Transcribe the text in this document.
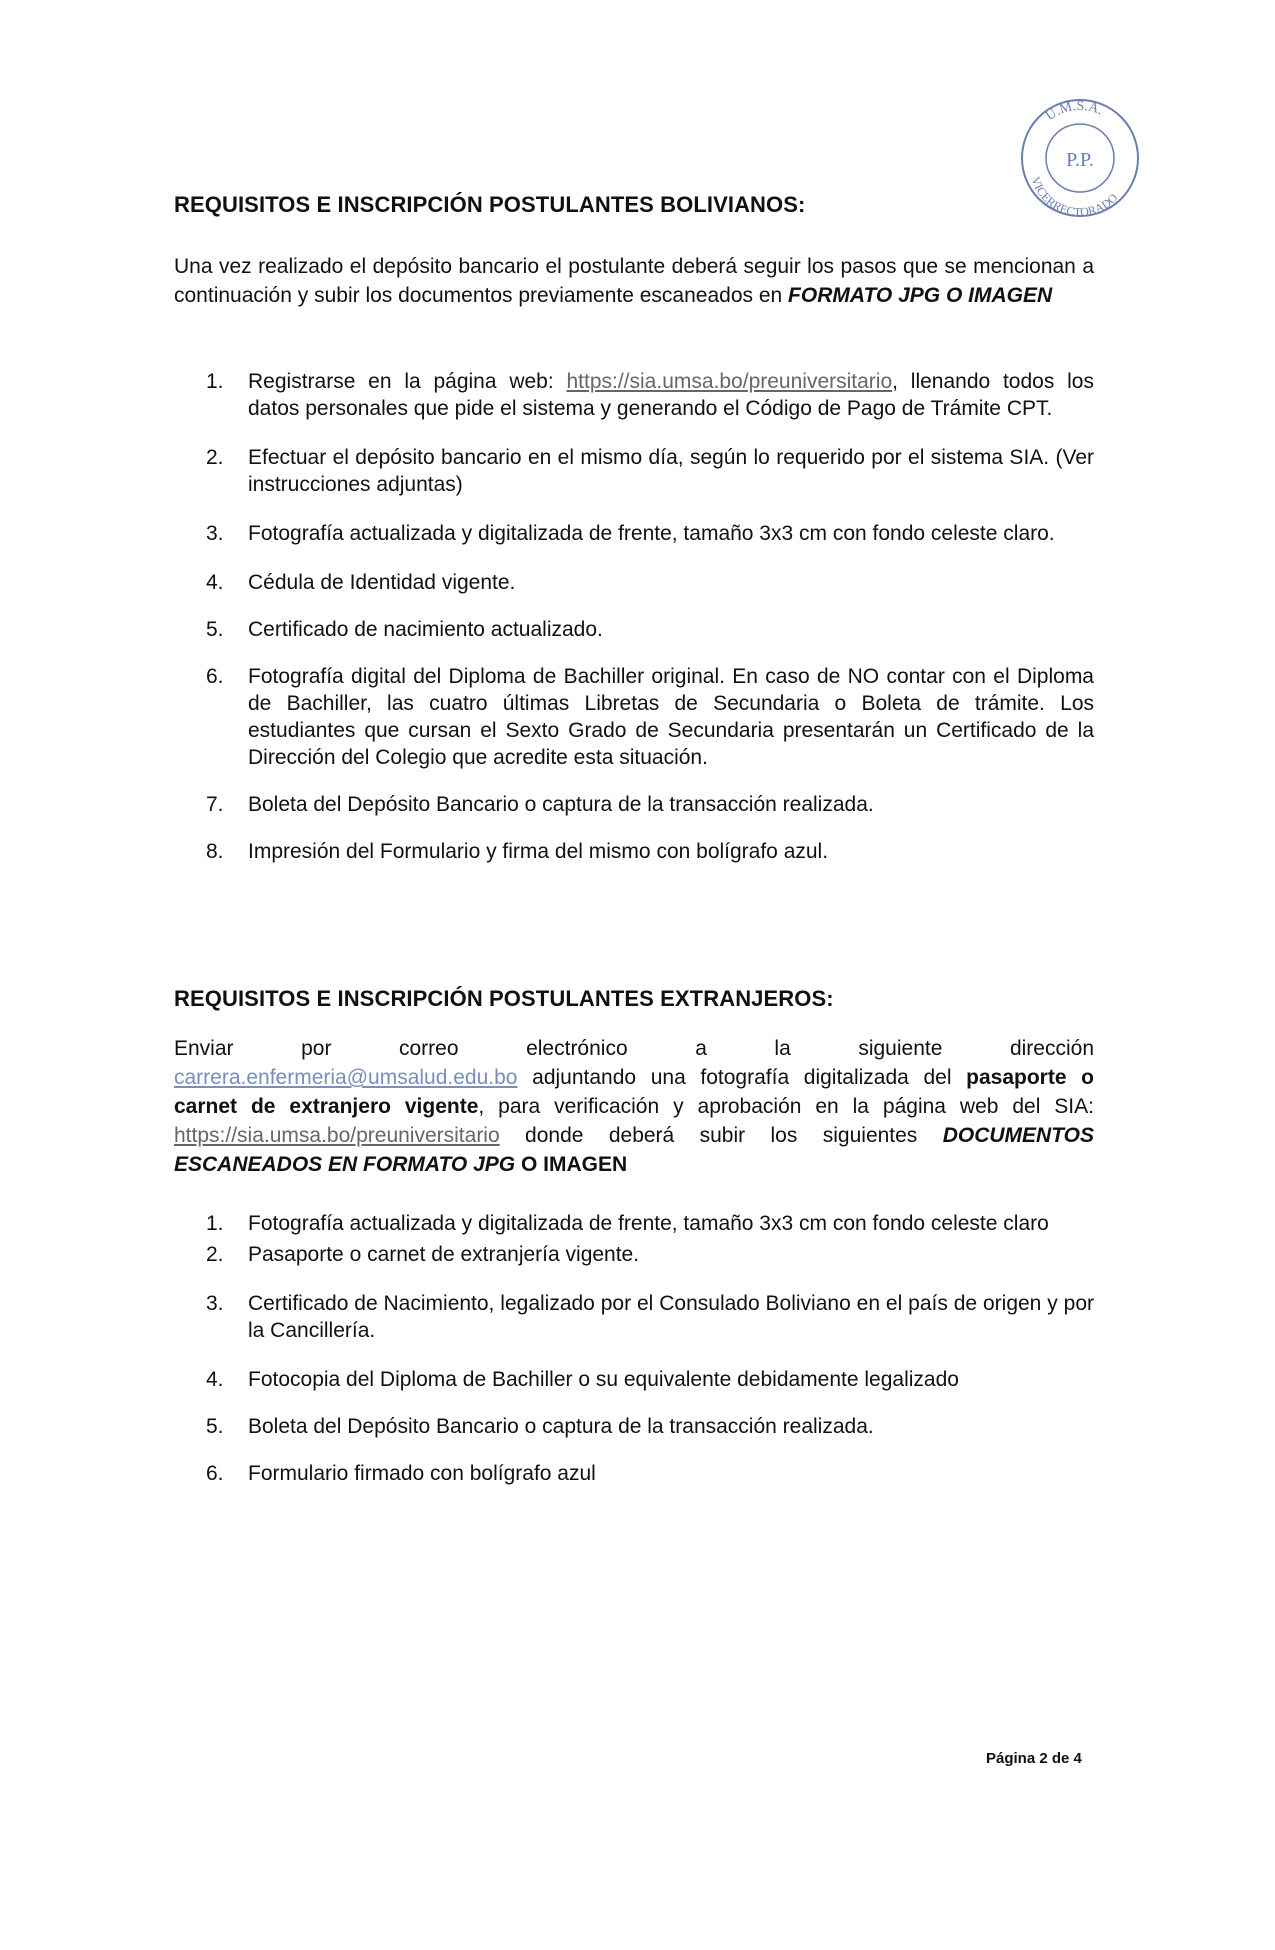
U.M.S.A.
P.P.
VICERRECTORADO
REQUISITOS E INSCRIPCIÓN POSTULANTES BOLIVIANOS:

Una vez realizado el depósito bancario el postulante deberá seguir los pasos que se mencionan a continuación y subir los documentos previamente escaneados en FORMATO JPG O IMAGEN

1. Registrarse en la página web: https://sia.umsa.bo/preuniversitario, llenando todos los datos personales que pide el sistema y generando el Código de Pago de Trámite CPT.
2. Efectuar el depósito bancario en el mismo día, según lo requerido por el sistema SIA. (Ver instrucciones adjuntas)
3. Fotografía actualizada y digitalizada de frente, tamaño 3x3 cm con fondo celeste claro.
4. Cédula de Identidad vigente.
5. Certificado de nacimiento actualizado.
6. Fotografía digital del Diploma de Bachiller original. En caso de NO contar con el Diploma de Bachiller, las cuatro últimas Libretas de Secundaria o Boleta de trámite. Los estudiantes que cursan el Sexto Grado de Secundaria presentarán un Certificado de la Dirección del Colegio que acredite esta situación.
7. Boleta del Depósito Bancario o captura de la transacción realizada.
8. Impresión del Formulario y firma del mismo con bolígrafo azul.
REQUISITOS E INSCRIPCIÓN POSTULANTES EXTRANJEROS:

Enviar por correo electrónico a la siguiente dirección

carrera.enfermeria@umsalud.edu.bo adjuntando una fotografía digitalizada del pasaporte o carnet de extranjero vigente, para verificación y aprobación en la página web del SIA: https://sia.umsa.bo/preuniversitario donde deberá subir los siguientes DOCUMENTOS ESCANEADOS EN FORMATO JPG O IMAGEN

1. Fotografía actualizada y digitalizada de frente, tamaño 3x3 cm con fondo celeste claro
2. Pasaporte o carnet de extranjería vigente.
3. Certificado de Nacimiento, legalizado por el Consulado Boliviano en el país de origen y por la Cancillería.
4. Fotocopia del Diploma de Bachiller o su equivalente debidamente legalizado
5. Boleta del Depósito Bancario o captura de la transacción realizada.
6. Formulario firmado con bolígrafo azul

Página 2 de 4
